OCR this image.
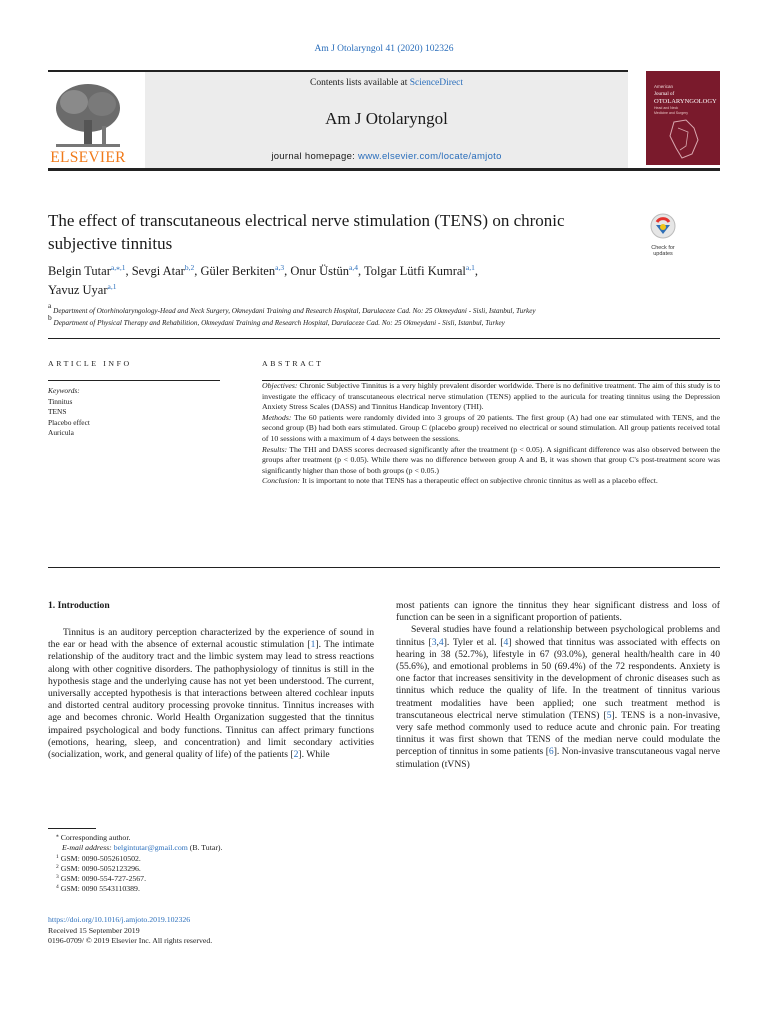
Am J Otolaryngol 41 (2020) 102326
ELSEVIER
Contents lists available at ScienceDirect
Am J Otolaryngol
journal homepage: www.elsevier.com/locate/amjoto
American
Journal of
OTOLARYNGOLOGY
Head and Neck
Medicine and Surgery
The effect of transcutaneous electrical nerve stimulation (TENS) on chronic subjective tinnitus	Check for
updates
Belgin Tutar$^{a,⁎,1}$, Sevgi Atar$^{b,2}$, Güler Berkiten$^{a,3}$, Onur Üstün$^{a,4}$, Tolgar Lütfi Kumral$^{a,1}$,
Yavuz Uyar$^{a,1}$
$^a$ Department of Otorhinolaryngology-Head and Neck Surgery, Okmeydani Training and Research Hospital, Darulaceze Cad. No: 25 Okmeydani - Sisli, Istanbul, Turkey
$^b$ Department of Physical Therapy and Rehabilition, Okmeydani Training and Research Hospital, Darulaceze Cad. No: 25 Okmeydani - Sisli, Istanbul, Turkey
ARTICLE INFO
Keywords:
Tinnitus
TENS
Placebo effect
Auricula
ABSTRACT

Objectives: Chronic Subjective Tinnitus is a very highly prevalent disorder worldwide. There is no definitive treatment. The aim of this study is to investigate the efficacy of transcutaneous electrical nerve stimulation (TENS) applied to the auricula for treating tinnitus using the Depression Anxiety Stress Scales (DASS) and Tinnitus Handicap Inventory (THI).

Methods: The 60 patients were randomly divided into 3 groups of 20 patients. The first group (A) had one ear stimulated with TENS, and the second group (B) had both ears stimulated. Group C (placebo group) received no electrical or sound stimulation. All group patients received total of 10 sessions with a maximum of 4 days between the sessions.

Results: The THI and DASS scores decreased significantly after the treatment (p < 0.05). A significant difference was also observed between the groups after treatment (p < 0.05). While there was no difference between group A and B, it was shown that group C's post-treatment score was significantly higher than those of both groups (p < 0.05.)

Conclusion: It is important to note that TENS has a therapeutic effect on subjective chronic tinnitus as well as a placebo effect.

1. Introduction

Tinnitus is an auditory perception characterized by the experience of sound in the ear or head with the absence of external acoustic stimulation [1]. The intimate relationship of the auditory tract and the limbic system may lead to stress reactions along with other cognitive disorders. The pathophysiology of tinnitus is still in the hypothesis stage and the underlying cause has not yet been understood. The current, universally accepted hypothesis is that interactions between altered cochlear inputs and distorted central auditory processing provoke tinnitus. Tinnitus increases with age and becomes chronic. World Health Organization suggested that the tinnitus impaired psychological and body functions. Tinnitus can affect primary functions (emotions, hearing, sleep, and concentration) and limit secondary activities (socialization, work, and general quality of life) of the patients [2]. While

most patients can ignore the tinnitus they hear significant distress and loss of function can be seen in a significant proportion of patients.

Several studies have found a relationship between psychological problems and tinnitus [3,4]. Tyler et al. [4] showed that tinnitus was associated with effects on hearing in 38 (52.7%), lifestyle in 67 (93.0%), general health/health care in 40 (55.6%), and emotional problems in 50 (69.4%) of the 72 respondents. Anxiety is one factor that increases sensitivity in the development of chronic diseases such as tinnitus which reduce the quality of life. In the treatment of tinnitus various treatment modalities have been applied; one such treatment method is transcutaneous electrical nerve stimulation (TENS) [5]. TENS is a non-invasive, very safe method commonly used to reduce acute and chronic pain. For treating tinnitus it was first shown that TENS of the median nerve could modulate the perception of tinnitus in some patients [6]. Non-invasive transcutaneous vagal nerve stimulation (tVNS)

⁎ Corresponding author.
E-mail address: belgintutar@gmail.com (B. Tutar).
$^1$ GSM: 0090-5052610502.
$^2$ GSM: 0090-5052123296.
$^3$ GSM: 0090-554-727-2567.
$^4$ GSM: 0090 5543110389.
https://doi.org/10.1016/j.amjoto.2019.102326
Received 15 September 2019
0196-0709/ © 2019 Elsevier Inc. All rights reserved.
